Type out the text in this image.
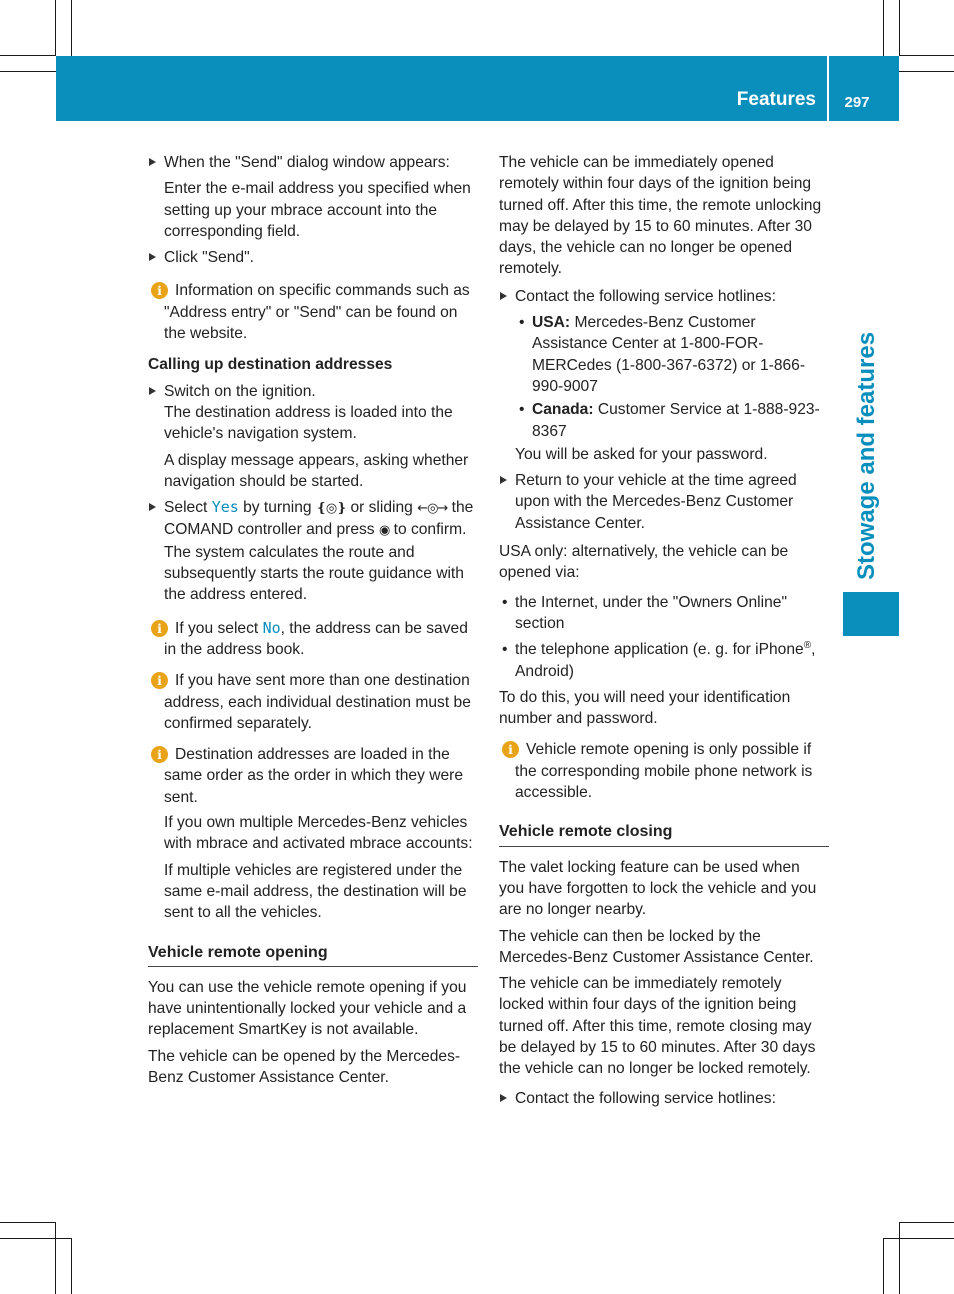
Features	297
Stowage and features
When the "Send" dialog window appears:

Enter the e-mail address you specified when setting up your mbrace account into the corresponding field.

Click "Send".
i Information on specific commands such as "Address entry" or "Send" can be found on the website.
Calling up destination addresses
Switch on the ignition.

The destination address is loaded into the vehicle's navigation system.

A display message appears, asking whether navigation should be started.

Select Yes by turning ❴◎❵ or sliding ←◎→ the COMAND controller and press ◉ to confirm.

The system calculates the route and subsequently starts the route guidance with the address entered.

i If you select No, the address can be saved in the address book.
i If you have sent more than one destination address, each individual destination must be confirmed separately.
i Destination addresses are loaded in the same order as the order in which they were sent.

If you own multiple Mercedes-Benz vehicles with mbrace and activated mbrace accounts:

If multiple vehicles are registered under the same e-mail address, the destination will be sent to all the vehicles.

Vehicle remote opening

You can use the vehicle remote opening if you have unintentionally locked your vehicle and a replacement SmartKey is not available.

The vehicle can be opened by the Mercedes-Benz Customer Assistance Center.

The vehicle can be immediately opened remotely within four days of the ignition being turned off. After this time, the remote unlocking may be delayed by 15 to 60 minutes. After 30 days, the vehicle can no longer be opened remotely.

Contact the following service hotlines:
• USA: Mercedes-Benz Customer Assistance Center at 1-800-FOR-MERCedes (1-800-367-6372) or 1-866-990-9007
• Canada: Customer Service at 1-888-923-8367

You will be asked for your password.

Return to your vehicle at the time agreed upon with the Mercedes-Benz Customer Assistance Center.

USA only: alternatively, the vehicle can be opened via:

• the Internet, under the "Owners Online" section
• the telephone application (e. g. for iPhone®, Android)

To do this, you will need your identification number and password.

i Vehicle remote opening is only possible if the corresponding mobile phone network is accessible.
Vehicle remote closing

The valet locking feature can be used when you have forgotten to lock the vehicle and you are no longer nearby.

The vehicle can then be locked by the Mercedes-Benz Customer Assistance Center.

The vehicle can be immediately remotely locked within four days of the ignition being turned off. After this time, remote closing may be delayed by 15 to 60 minutes. After 30 days the vehicle can no longer be locked remotely.

Contact the following service hotlines:
